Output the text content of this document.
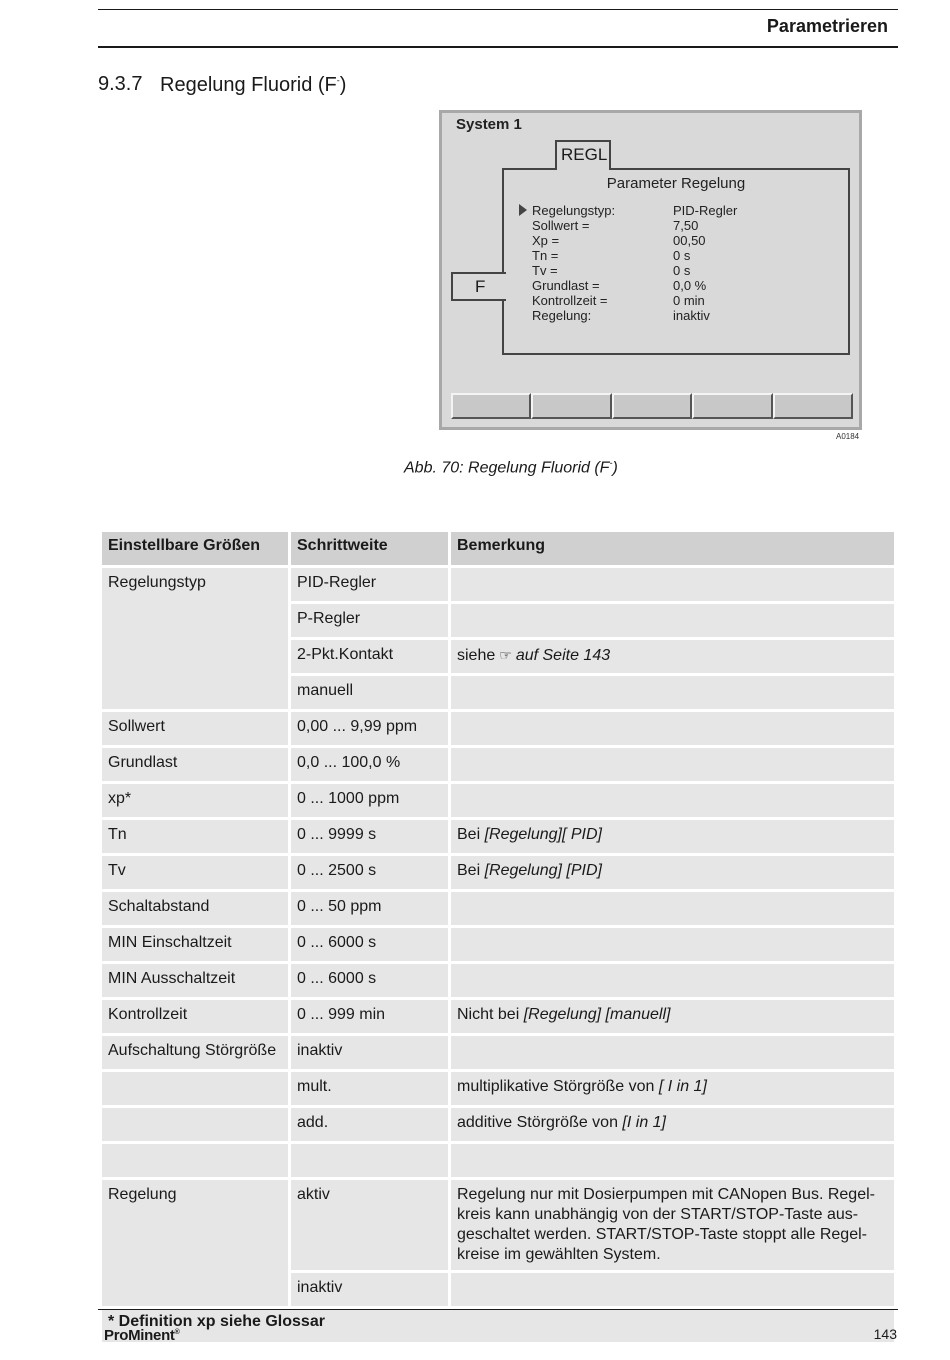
Parametrieren
9.3.7 Regelung Fluorid (F-)
System 1
REGL
Parameter Regelung
Regelungstyp:	PID-Regler
Sollwert =	7,50
Xp =	00,50
Tn =	0 s
Tv =	0 s
Grundlast =	0,0 %
Kontrollzeit =	0 min
Regelung:	inaktiv
F
A0184
Abb. 70: Regelung Fluorid (F-)
Einstellbare Größen	Schrittweite	Bemerkung
Regelungstyp	PID-Regler	
	P-Regler	
	2-Pkt.Kontakt	siehe ☞ auf Seite 143
	manuell	
Sollwert	0,00 ... 9,99 ppm	
Grundlast	0,0 ... 100,0 %	
xp*	0 ... 1000 ppm	
Tn	0 ... 9999 s	Bei [Regelung][ PID]
Tv	0 ... 2500 s	Bei [Regelung] [PID]
Schaltabstand	0 ... 50 ppm	
MIN Einschaltzeit	0 ... 6000 s	
MIN Ausschaltzeit	0 ... 6000 s	
Kontrollzeit	0 ... 999 min	Nicht bei [Regelung] [manuell]
Aufschaltung Störgröße	inaktiv	
	mult.	multiplikative Störgröße von [ I in 1]
	add.	additive Störgröße von [I in 1]

Regelung	aktiv	Regelung nur mit Dosierpumpen mit CANopen Bus. Regelkreis kann unabhängig von der START/STOP-Taste ausgeschaltet werden. START/STOP-Taste stoppt alle Regelkreise im gewählten System.
	inaktiv	
* Definition xp siehe Glossar		
ProMinent®	143
